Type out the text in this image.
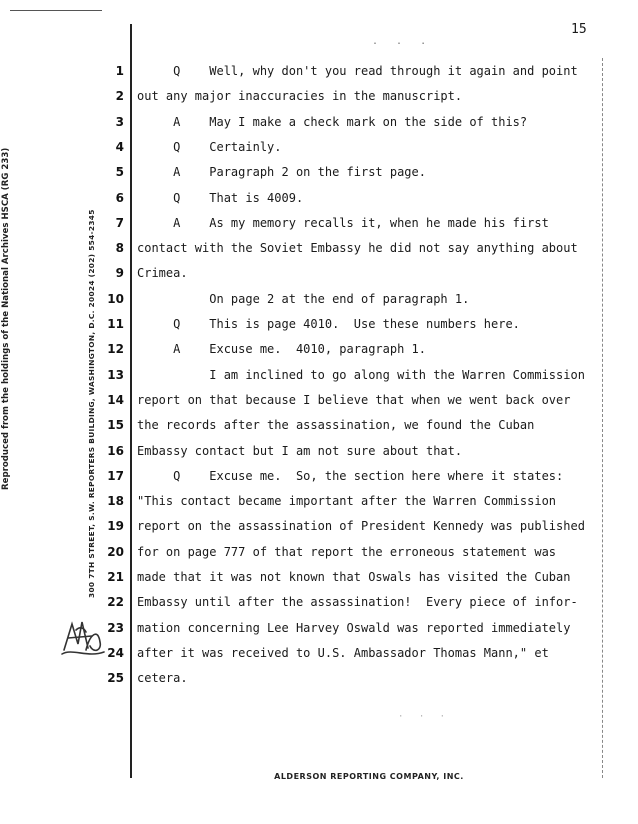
Reproduced from the holdings of the National Archives HSCA (RG 233)	300 7TH STREET, S.W. REPORTERS BUILDING, WASHINGTON, D.C. 20024 (202) 554-2345
15
. . .
· · ·
1 Q    Well, why don't you read through it again and point
2 out any major inaccuracies in the manuscript.
3 A    May I make a check mark on the side of this?
4 Q    Certainly.
5 A    Paragraph 2 on the first page.
6 Q    That is 4009.
7 A    As my memory recalls it, when he made his first
8 contact with the Soviet Embassy he did not say anything about
9 Crimea.
10 On page 2 at the end of paragraph 1.
11 Q    This is page 4010.  Use these numbers here.
12 A    Excuse me.  4010, paragraph 1.
13 I am inclined to go along with the Warren Commission
14 report on that because I believe that when we went back over
15 the records after the assassination, we found the Cuban
16 Embassy contact but I am not sure about that.
17 Q    Excuse me.  So, the section here where it states:
18 "This contact became important after the Warren Commission
19 report on the assassination of President Kennedy was published
20 for on page 777 of that report the erroneous statement was
21 made that it was not known that Oswals has visited the Cuban
22 Embassy until after the assassination!  Every piece of infor-
23 mation concerning Lee Harvey Oswald was reported immediately
24 after it was received to U.S. Ambassador Thomas Mann," et
25 cetera.
ALDERSON REPORTING COMPANY, INC.
